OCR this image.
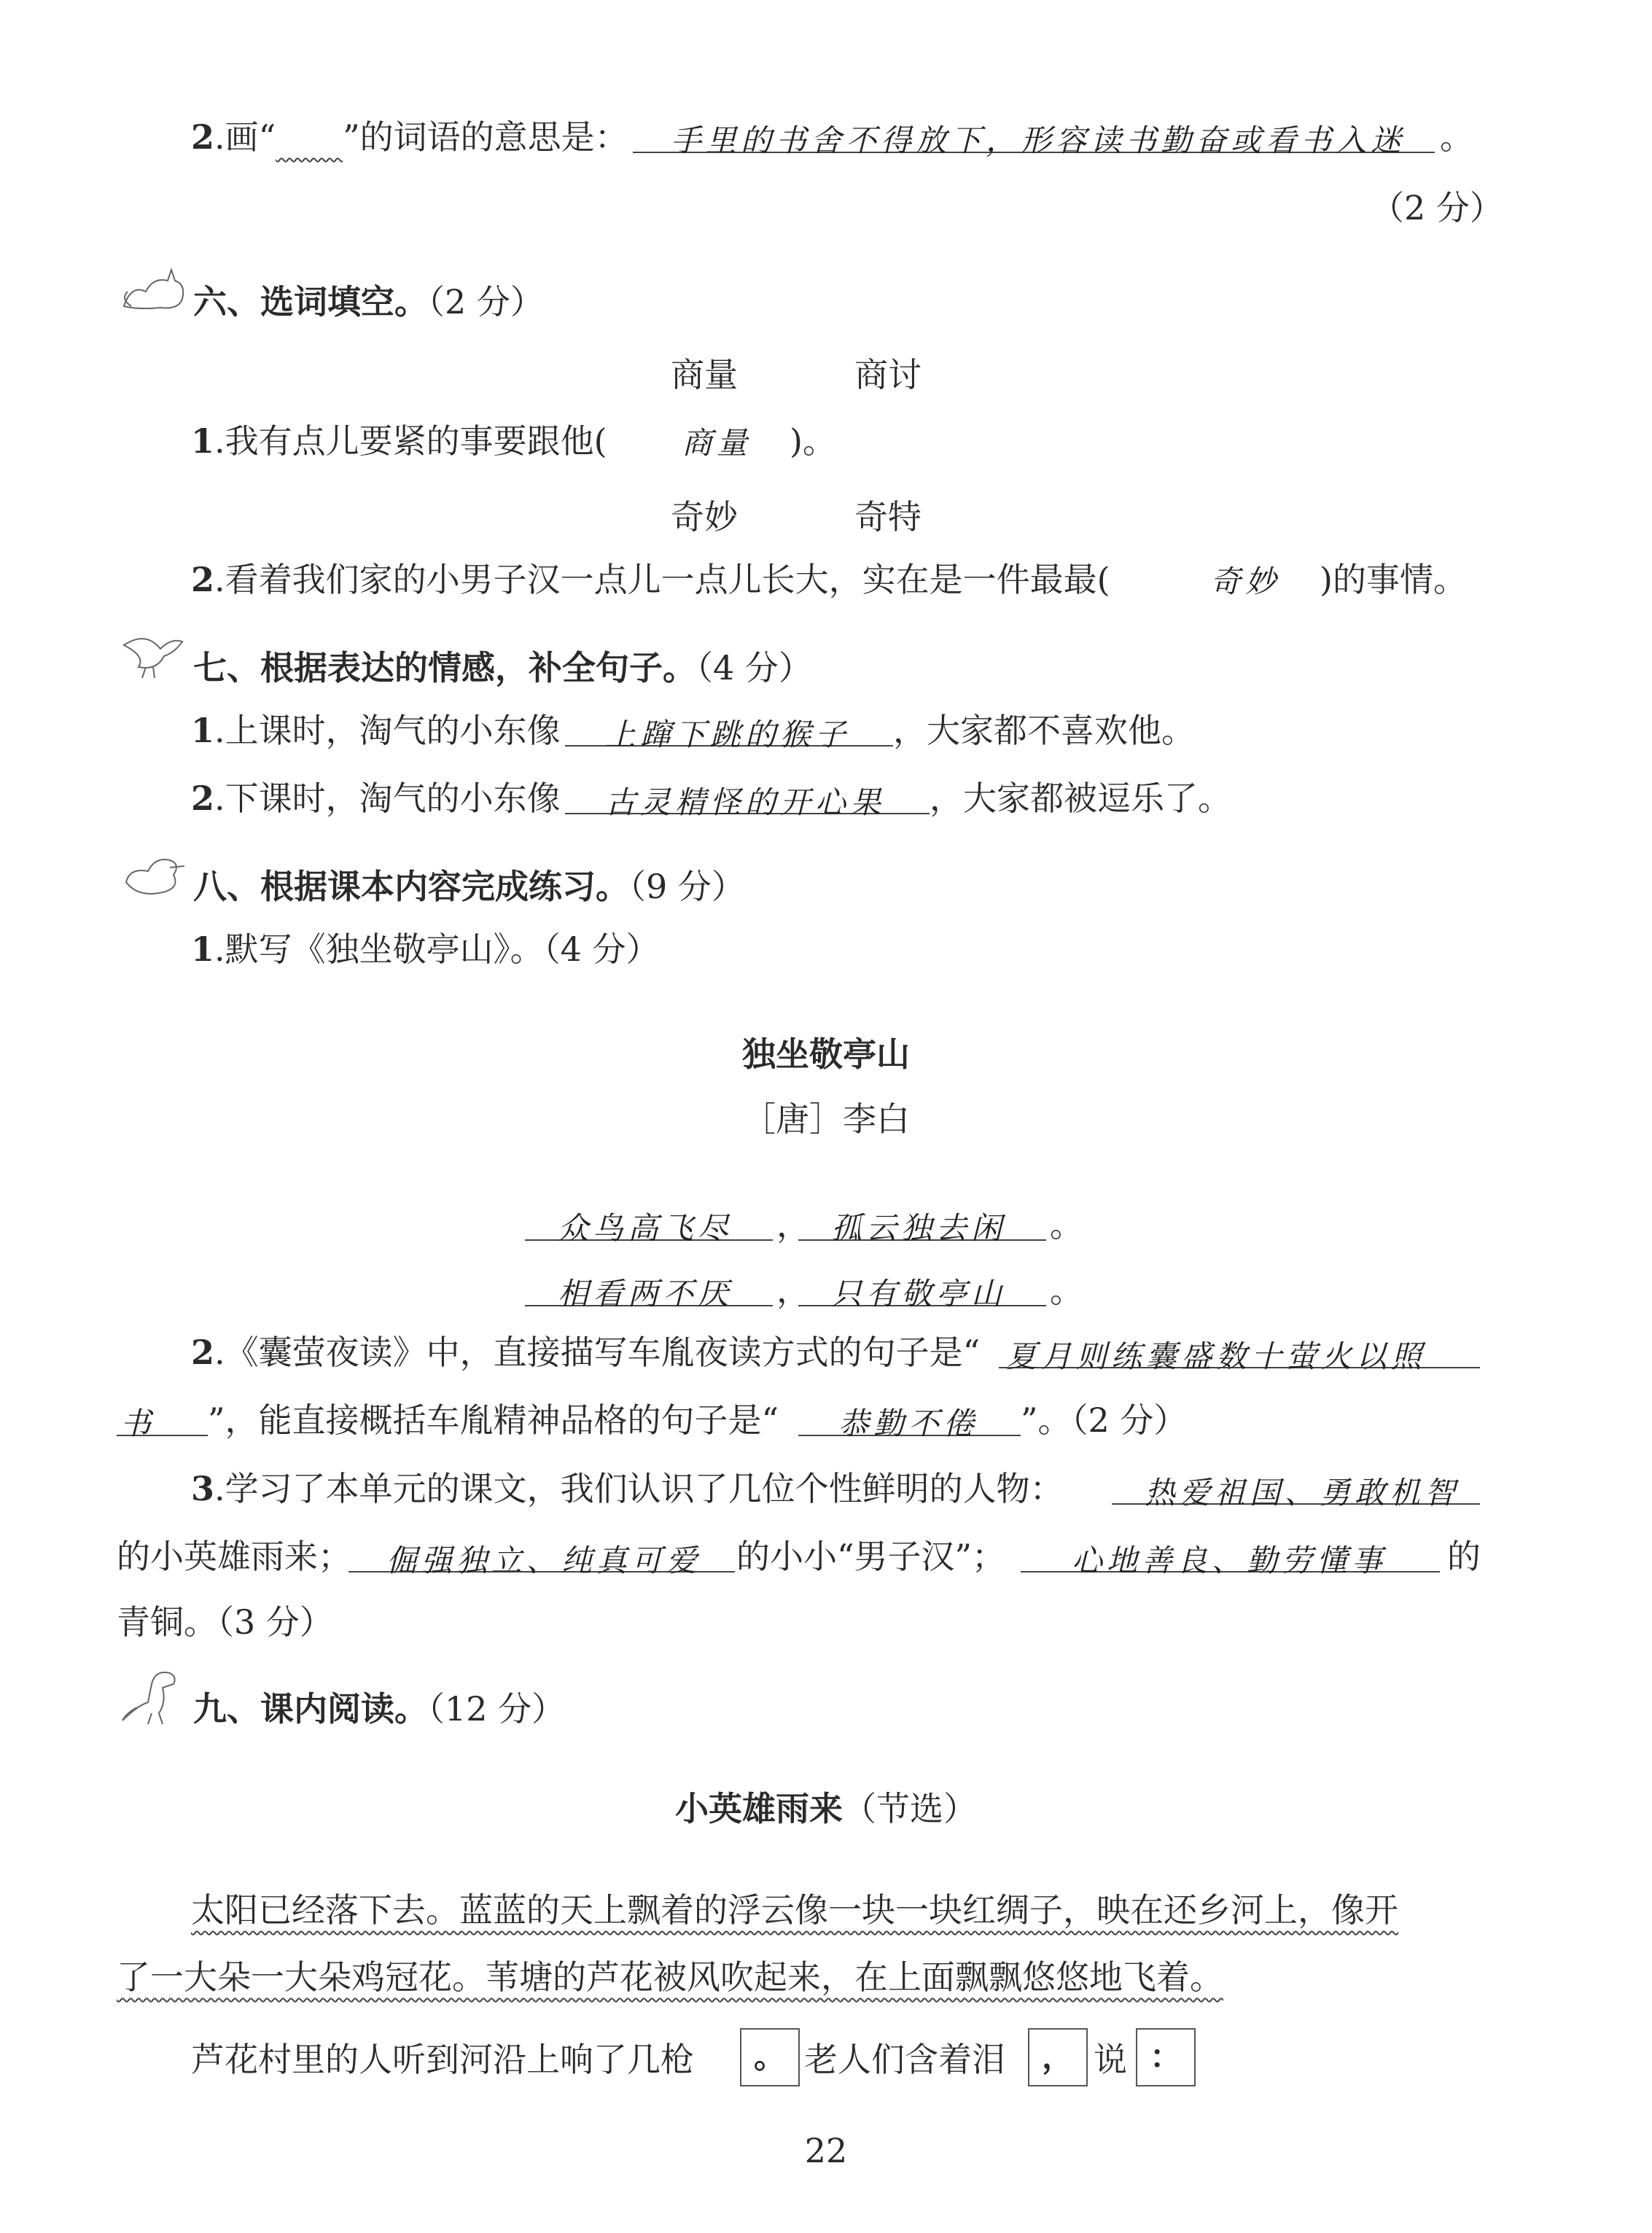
2.画“ ”的词语的意思是： 手里的书舍不得放下，形容读书勤奋或看书入迷 。
（2 分）
六、选词填空。（2 分）
商量	商讨
1.我有点儿要紧的事要跟他( 商量 )。
奇妙	奇特
2.看着我们家的小男子汉一点儿一点儿长大，实在是一件最最(	奇妙 )的事情。
七、根据表达的情感，补全句子。（4 分）
1.上课时，淘气的小东像 上蹿下跳的猴子 ，大家都不喜欢他。
2.下课时，淘气的小东像 古灵精怪的开心果 ，大家都被逗乐了。
八、根据课本内容完成练习。（9 分）
1.默写《独坐敬亭山》。（4 分）
独坐敬亭山
［唐］李白
众鸟高飞尽 ， 孤云独去闲 。
相看两不厌 ， 只有敬亭山 。
2.《囊萤夜读》中，直接描写车胤夜读方式的句子是“ 夏月则练囊盛数十萤火以照
书 ”，能直接概括车胤精神品格的句子是“ 恭勤不倦 ”。（2 分）
3.学习了本单元的课文，我们认识了几位个性鲜明的人物：	热爱祖国、勇敢机智
的小英雄雨来； 倔强独立、纯真可爱 的小小“男子汉”； 心地善良、勤劳懂事 的
青铜。（3 分）
九、课内阅读。（12 分）
小英雄雨来（节选）
太阳已经落下去。蓝蓝的天上飘着的浮云像一块一块红绸子，映在还乡河上，像开
了一大朵一大朵鸡冠花。苇塘的芦花被风吹起来，在上面飘飘悠悠地飞着。
芦花村里的人听到河沿上响了几枪	。 老人们含着泪	， 说 ：
22
